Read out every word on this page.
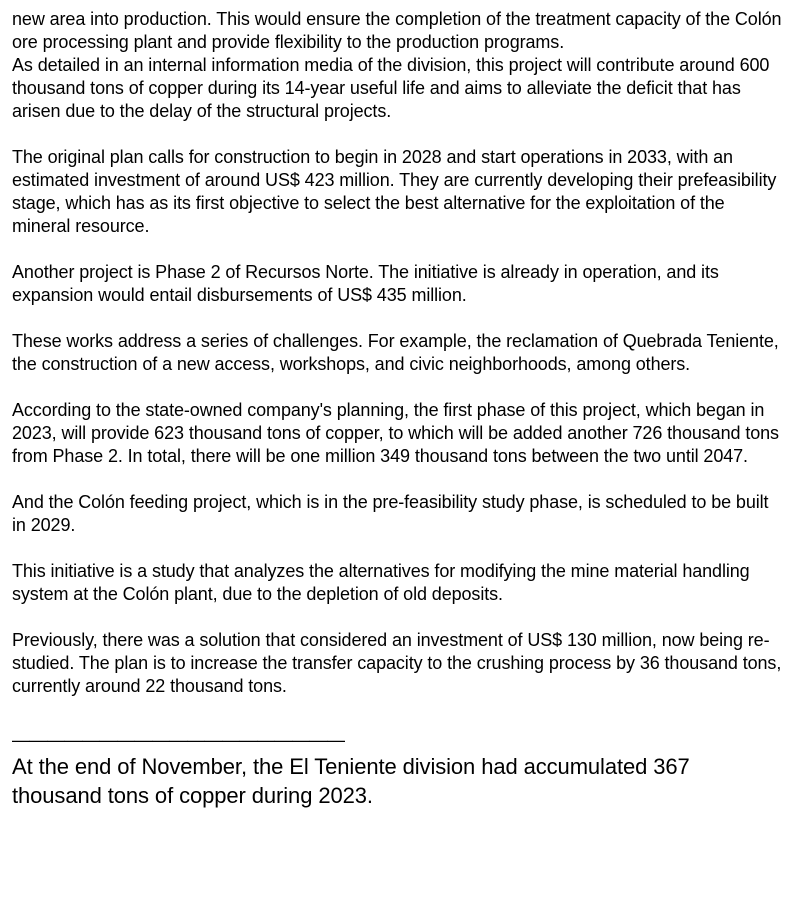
new area into production. This would ensure the completion of the treatment capacity of the Colón ore processing plant and provide flexibility to the production programs.

As detailed in an internal information media of the division, this project will contribute around 600 thousand tons of copper during its 14-year useful life and aims to alleviate the deficit that has arisen due to the delay of the structural projects.

The original plan calls for construction to begin in 2028 and start operations in 2033, with an estimated investment of around US$ 423 million. They are currently developing their prefeasibility stage, which has as its first objective to select the best alternative for the exploitation of the mineral resource.

Another project is Phase 2 of Recursos Norte. The initiative is already in operation, and its expansion would entail disbursements of US$ 435 million.

These works address a series of challenges. For example, the reclamation of Quebrada Teniente, the construction of a new access, workshops, and civic neighborhoods, among others.

According to the state-owned company's planning, the first phase of this project, which began in 2023, will provide 623 thousand tons of copper, to which will be added another 726 thousand tons from Phase 2. In total, there will be one million 349 thousand tons between the two until 2047.

And the Colón feeding project, which is in the pre-feasibility study phase, is scheduled to be built in 2029.

This initiative is a study that analyzes the alternatives for modifying the mine material handling system at the Colón plant, due to the depletion of old deposits.

Previously, there was a solution that considered an investment of US$ 130 million, now being re-studied. The plan is to increase the transfer capacity to the crushing process by 36 thousand tons, currently around 22 thousand tons.

———————————————————

At the end of November, the El Teniente division had accumulated 367 thousand tons of copper during 2023.
